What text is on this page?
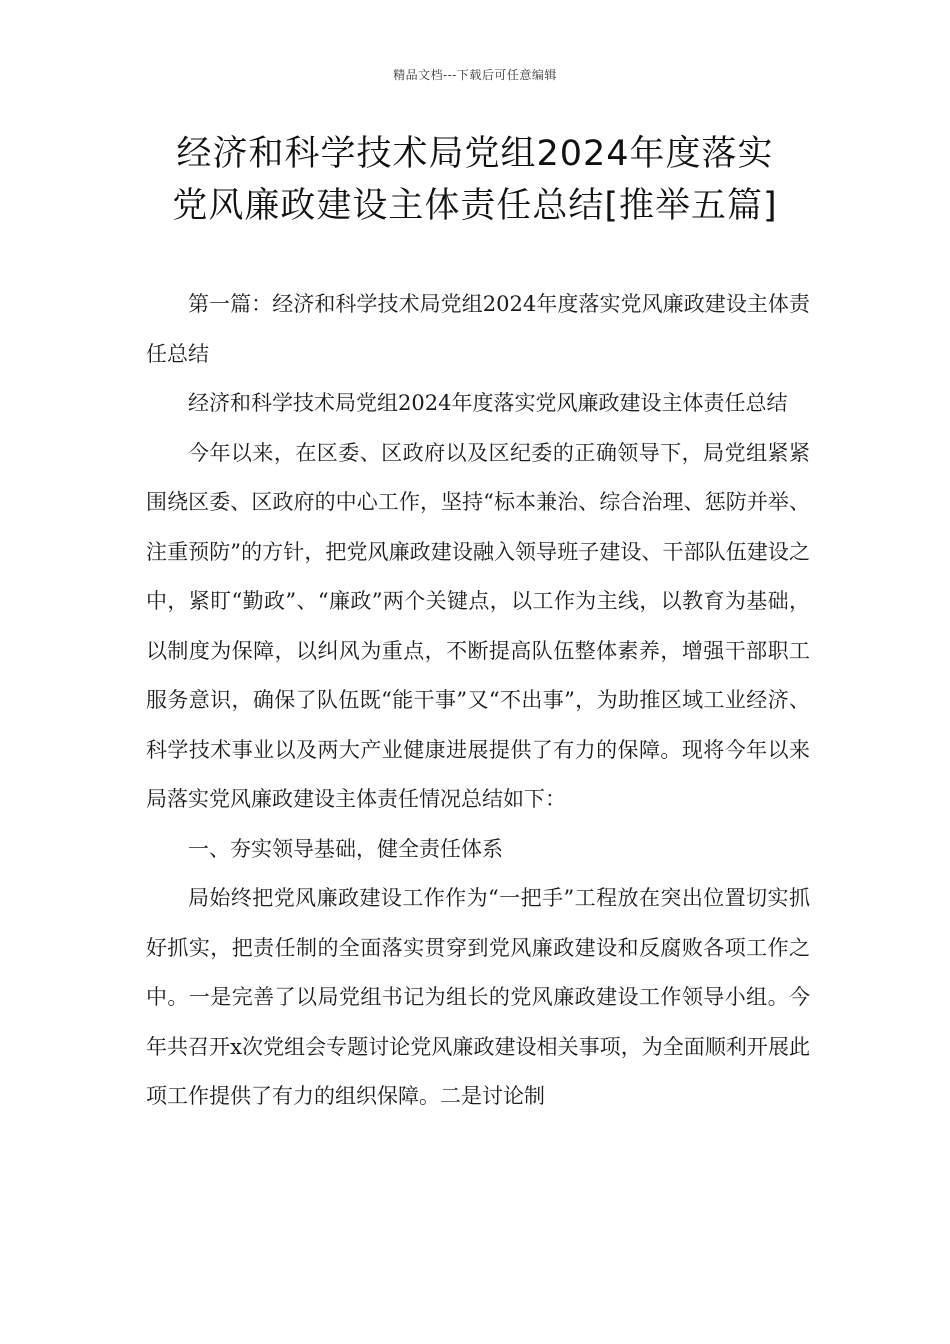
精品文档---下载后可任意编辑
经济和科学技术局党组2024年度落实
党风廉政建设主体责任总结[推举五篇]

第一篇：经济和科学技术局党组2024年度落实党风廉政建设主体责任总结

经济和科学技术局党组2024年度落实党风廉政建设主体责任总结

今年以来，在区委、区政府以及区纪委的正确领导下，局党组紧紧围绕区委、区政府的中心工作，坚持“标本兼治、综合治理、惩防并举、注重预防”的方针，把党风廉政建设融入领导班子建设、干部队伍建设之中，紧盯“勤政”、“廉政”两个关键点，以工作为主线，以教育为基础，以制度为保障，以纠风为重点，不断提高队伍整体素养，增强干部职工服务意识，确保了队伍既“能干事”又“不出事”，为助推区域工业经济、科学技术事业以及两大产业健康进展提供了有力的保障。现将今年以来局落实党风廉政建设主体责任情况总结如下：

一、夯实领导基础，健全责任体系

局始终把党风廉政建设工作作为“一把手”工程放在突出位置切实抓好抓实，把责任制的全面落实贯穿到党风廉政建设和反腐败各项工作之中。一是完善了以局党组书记为组长的党风廉政建设工作领导小组。今年共召开x次党组会专题讨论党风廉政建设相关事项，为全面顺利开展此项工作提供了有力的组织保障。二是讨论制
